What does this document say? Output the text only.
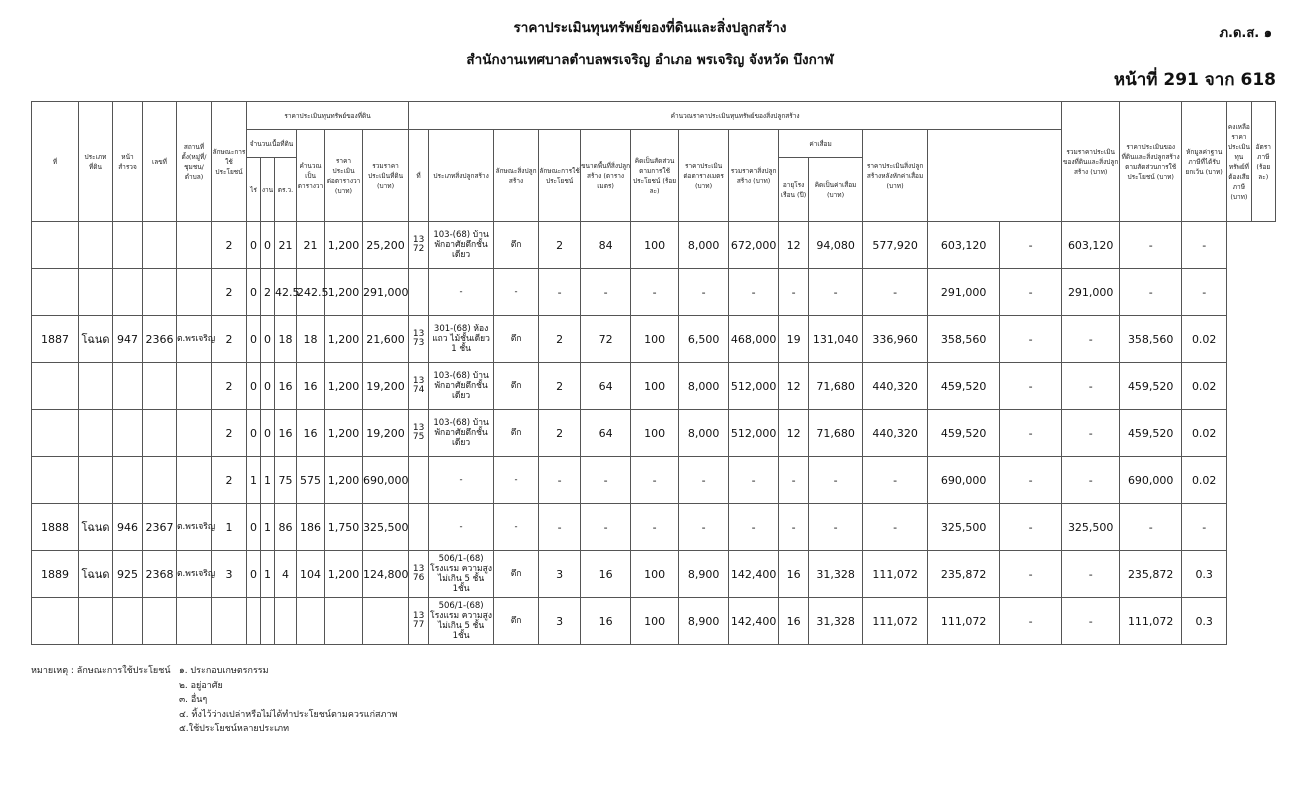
ราคาประเมินทุนทรัพย์ของที่ดินและสิ่งปลูกสร้าง
สำนักงานเทศบาลตำบลพรเจริญ อำเภอ พรเจริญ จังหวัด บึงกาฬ
ภ.ด.ส. ๑
หน้าที่ 291 จาก 618
ที่	ประเภทที่ดิน	หน้าสำรวจ	เลขที่	สถานที่ตั้ง(หมู่ที่/ชุมชน/ตำบล)	ลักษณะการใช้ประโยชน์	ราคาประเมินทุนทรัพย์ของที่ดิน						คำนวณราคาประเมินทุนทรัพย์ของสิ่งปลูกสร้าง													รวมราคาประเมินของที่ดินและสิ่งปลูกสร้าง (บาท)	ราคาประเมินของที่ดินและสิ่งปลูกสร้างตามสัดส่วนการใช้ประโยชน์ (บาท)	หักมูลค่าฐานภาษีที่ได้รับยกเว้น (บาท)	คงเหลือราคาประเมินทุนทรัพย์ที่ต้องเสียภาษี (บาท)	อัตราภาษี (ร้อยละ)
						จำนวนเนื้อที่ดิน			คำนวณเป็นตารางวา	ราคาประเมินต่อตารางวา (บาท)	รวมราคาประเมินที่ดิน (บาท)	ที่	ประเภทสิ่งปลูกสร้าง	ลักษณะสิ่งปลูกสร้าง	ลักษณะการใช้ประโยชน์	ขนาดพื้นที่สิ่งปลูกสร้าง (ตารางเมตร)	คิดเป็นสัดส่วนตามการใช้ประโยชน์ (ร้อยละ)	ราคาประเมินต่อตารางเมตร (บาท)	รวมราคาสิ่งปลูกสร้าง (บาท)	ค่าเสื่อม		ราคาประเมินสิ่งปลูกสร้างหลังหักค่าเสื่อม (บาท)							
						ไร่	งาน	ตร.ว.												อายุโรงเรือน (ปี)	คิดเป็นค่าเสื่อม (บาท)								
					2	0	0	21	21	1,200	25,200	13 72	103-(68) บ้านพักอาศัยตึกชั้นเดียว	ตึก	2	84	100	8,000	672,000	12	94,080	577,920	603,120	-	603,120	-	-		
					2	0	2	42.5	242.5	1,200	291,000		-	-	-	-	-	-	-	-	-	-	291,000	-	291,000	-	-		
1887	โฉนด	947	2366	ต.พรเจริญ	2	0	0	18	18	1,200	21,600	13 73	301-(68) ห้องแถว ไม้ชั้นเดียว 1 ชั้น	ตึก	2	72	100	6,500	468,000	19	131,040	336,960	358,560	-	-	358,560	0.02		
					2	0	0	16	16	1,200	19,200	13 74	103-(68) บ้านพักอาศัยตึกชั้นเดียว	ตึก	2	64	100	8,000	512,000	12	71,680	440,320	459,520	-	-	459,520	0.02		
					2	0	0	16	16	1,200	19,200	13 75	103-(68) บ้านพักอาศัยตึกชั้นเดียว	ตึก	2	64	100	8,000	512,000	12	71,680	440,320	459,520	-	-	459,520	0.02		
					2	1	1	75	575	1,200	690,000		-	-	-	-	-	-	-	-	-	-	690,000	-	-	690,000	0.02		
1888	โฉนด	946	2367	ต.พรเจริญ	1	0	1	86	186	1,750	325,500		-	-	-	-	-	-	-	-	-	-	325,500	-	325,500	-	-		
1889	โฉนด	925	2368	ต.พรเจริญ	3	0	1	4	104	1,200	124,800	13 76	506/1-(68) โรงแรม ความสูงไม่เกิน 5 ชั้น 1ชั้น	ตึก	3	16	100	8,900	142,400	16	31,328	111,072	235,872	-	-	235,872	0.3		
												13 77	506/1-(68) โรงแรม ความสูงไม่เกิน 5 ชั้น 1ชั้น	ตึก	3	16	100	8,900	142,400	16	31,328	111,072	111,072	-	-	111,072	0.3		
หมายเหตุ : ลักษณะการใช้ประโยชน์ ๑. ประกอบเกษตรกรรม
๒. อยู่อาศัย
๓. อื่นๆ
๔. ทิ้งไว้ว่างเปล่าหรือไม่ได้ทำประโยชน์ตามควรแก่สภาพ
๕.ใช้ประโยชน์หลายประเภท
